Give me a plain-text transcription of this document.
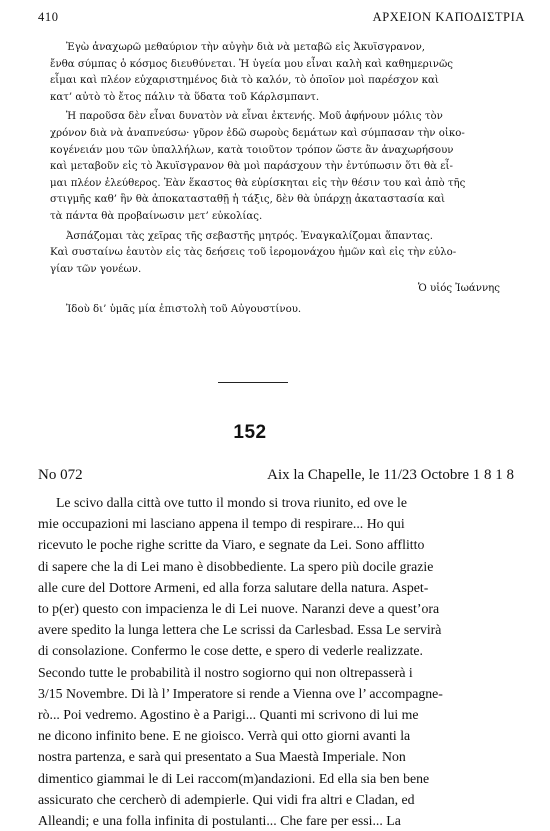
410	ΑΡΧΕΙΟΝ ΚΑΠΟΔΙΣΤΡΙΑ

Ἐγὼ ἀναχωρῶ μεθαύριον τὴν αὐγὴν διὰ νὰ μεταβῶ εἰς Ἀκυϊσγρανον,
ἔνθα σύμπας ὁ κόσμος διευθύνεται. Ἡ ὑγεία μου εἶναι καλὴ καὶ καθημερινῶς
εἶμαι καὶ πλέον εὐχαριστημένος διὰ τὸ καλόν, τὸ ὁποῖον μοὶ παρέσχον καὶ
κατ’ αὐτὸ τὸ ἔτος πάλιν τὰ ὕδατα τοῦ Κάρλσμπαντ.

Ἡ παροῦσα δὲν εἶναι δυνατὸν νὰ εἶναι ἐκτενής. Μοῦ ἀφήνουν μόλις τὸν
χρόνον διὰ νὰ ἀναπνεύσω· γῦρον ἐδῶ σωροὺς δεμάτων καὶ σύμπασαν τὴν οἰκο-
κογένειάν μου τῶν ὑπαλλήλων, κατὰ τοιοῦτον τρόπον ὥστε ἂν ἀναχωρήσουν
καὶ μεταβοῦν εἰς τὸ Ἀκυϊσγρανον θὰ μοὶ παράσχουν τὴν ἐντύπωσιν ὅτι θὰ εἶ-
μαι πλέον ἐλεύθερος. Ἐὰν ἕκαστος θὰ εὑρίσκηται εἰς τὴν θέσιν του καὶ ἀπὸ τῆς
στιγμῆς καθ’ ἣν θὰ ἀποκατασταθῇ ἡ τάξις, δὲν θὰ ὑπάρχῃ ἀκαταστασία καὶ
τὰ πάντα θὰ προβαίνωσιν μετ’ εὐκολίας.

Ἀσπάζομαι τὰς χεῖρας τῆς σεβαστῆς μητρός. Ἐναγκαλίζομαι ἅπαντας.
Καὶ συσταίνω ἑαυτὸν εἰς τὰς δεήσεις τοῦ ἱερομονάχου ἡμῶν καὶ εἰς τὴν εὐλο-
γίαν τῶν γονέων.

Ὁ υἱός Ἰωάννης

Ἰδοὺ δι’ ὑμᾶς μία ἐπιστολὴ τοῦ Αὐγουστίνου.

152
No 072	Aix la Chapelle, le 11/23 Octobre 1 8 1 8

Le scivo dalla città ove tutto il mondo si trova riunito, ed ove le
mie occupazioni mi lasciano appena il tempo di respirare... Ho qui
ricevuto le poche righe scritte da Viaro, e segnate da Lei. Sono afflitto
di sapere che la di Lei mano è disobbediente. La spero più docile grazie
alle cure del Dottore Armeni, ed alla forza salutare della natura. Aspet-
to p(er) questo con impacienza le di Lei nuove. Naranzi deve a quest’ora
avere spedito la lunga lettera che Le scrissi da Carlesbad. Essa Le servirà
di consolazione. Confermo le cose dette, e spero di vederle realizzate.
Secondo tutte le probabilità il nostro sogiorno qui non oltrepasserà i
3/15 Novembre. Di là l’ Imperatore si rende a Vienna ove l’ accompagne-
rò... Poi vedremo. Agostino è a Parigi... Quanti mi scrivono di lui me
ne dicono infinito bene. E ne gioisco. Verrà qui otto giorni avanti la
nostra partenza, e sarà qui presentato a Sua Maestà Imperiale. Non
dimentico giammai le di Lei raccom(m)andazioni. Ed ella sia ben bene
assicurato che cercherò di adempierle. Qui vidi fra altri e Cladan, ed
Alleandi; e una folla infinita di postulanti... Che fare per essi... La
